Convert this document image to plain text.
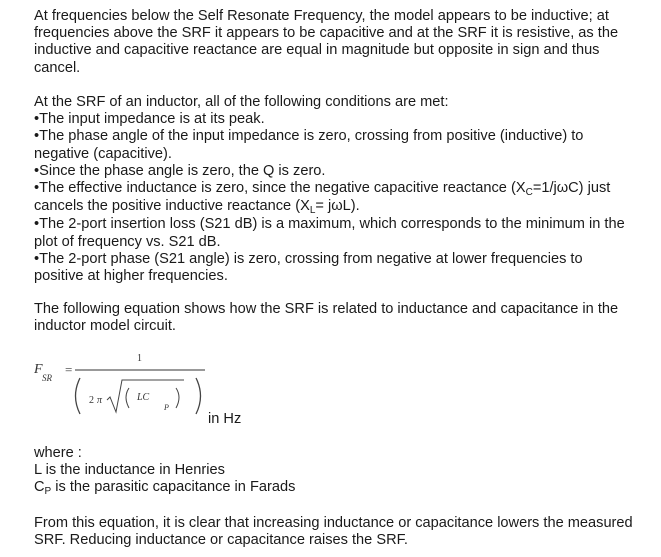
At frequencies below the Self Resonate Frequency, the model appears to be inductive; at frequencies above the SRF it appears to be capacitive and at the SRF it is resistive, as the inductive and capacitive reactance are equal in magnitude but opposite in sign and thus cancel.

At the SRF of an inductor, all of the following conditions are met:

•The input impedance is at its peak.

•The phase angle of the input impedance is zero, crossing from positive (inductive) to negative (capacitive).

•Since the phase angle is zero, the Q is zero.

•The effective inductance is zero, since the negative capacitive reactance $(X_C=1/j\omega C)$ just cancels the positive inductive reactance $(X_L= j\omega L)$.

•The 2-port insertion loss (S21 dB) is a maximum, which corresponds to the minimum in the plot of frequency vs. S21 dB.

•The 2-port phase (S21 angle) is zero, crossing from negative at lower frequencies to positive at higher frequencies.

The following equation shows how the SRF is related to inductance and capacitance in the inductor model circuit.

F
SR
=
1
2 π	LC
P
in Hz

where :

L is the inductance in Henries

$C_P$ is the parasitic capacitance in Farads

From this equation, it is clear that increasing inductance or capacitance lowers the measured SRF. Reducing inductance or capacitance raises the SRF.
